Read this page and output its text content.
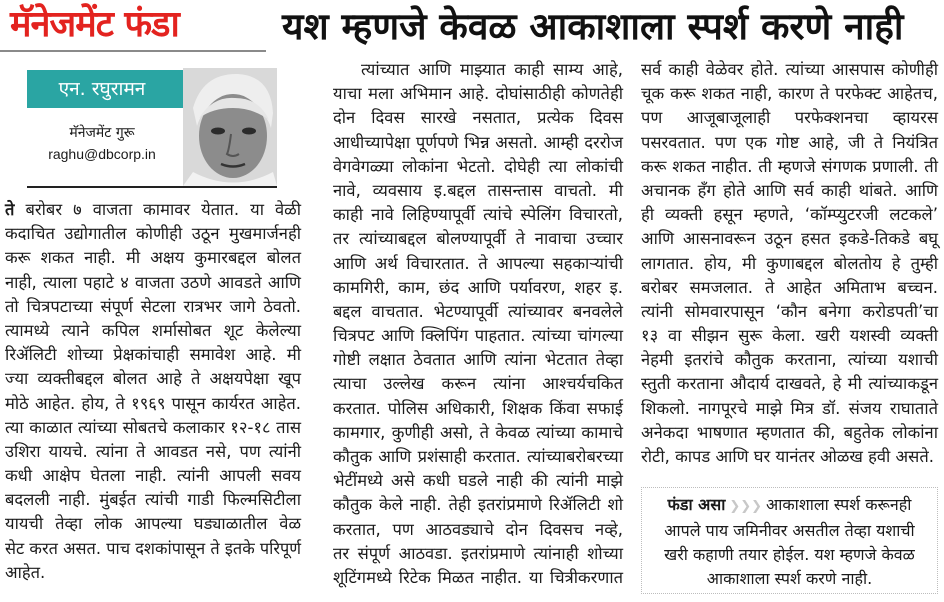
मॅनेजमेंट फंडा	यश म्हणजे केवळ आकाशाला स्पर्श करणे नाही
एन. रघुरामन
मॅनेजमेंट गुरू
raghu@dbcorp.in
ते बरोबर ७ वाजता कामावर येतात. या वेळी
कदाचित उद्योगातील कोणीही उठून मुखमार्जनही
करू शकत नाही. मी अक्षय कुमारबद्दल बोलत
नाही, त्याला पहाटे ४ वाजता उठणे आवडते आणि
तो चित्रपटाच्या संपूर्ण सेटला रात्रभर जागे ठेवतो.
त्यामध्ये त्याने कपिल शर्मासोबत शूट केलेल्या
रिॲलिटी शोच्या प्रेक्षकांचाही समावेश आहे. मी
ज्या व्यक्तीबद्दल बोलत आहे ते अक्षयपेक्षा खूप
मोठे आहेत. होय, ते १९६९ पासून कार्यरत आहेत.
त्या काळात त्यांच्या सोबतचे कलाकार १२-१८ तास
उशिरा यायचे. त्यांना ते आवडत नसे, पण त्यांनी
कधी आक्षेप घेतला नाही. त्यांनी आपली सवय
बदलली नाही. मुंबईत त्यांची गाडी फिल्मसिटीला
यायची तेव्हा लोक आपल्या घड्याळातील वेळ
सेट करत असत. पाच दशकांपासून ते इतके परिपूर्ण
आहेत.
त्यांच्यात आणि माझ्यात काही साम्य आहे,
याचा मला अभिमान आहे. दोघांसाठीही कोणतेही
दोन दिवस सारखे नसतात, प्रत्येक दिवस
आधीच्यापेक्षा पूर्णपणे भिन्न असतो. आम्ही दररोज
वेगवेगळ्या लोकांना भेटतो. दोघेही त्या लोकांची
नावे, व्यवसाय इ.बद्दल तासन्तास वाचतो. मी
काही नावे लिहिण्यापूर्वी त्यांचे स्पेलिंग विचारतो,
तर त्यांच्याबद्दल बोलण्यापूर्वी ते नावाचा उच्चार
आणि अर्थ विचारतात. ते आपल्या सहकाऱ्यांची
कामगिरी, काम, छंद आणि पर्यावरण, शहर इ.
बद्दल वाचतात. भेटण्यापूर्वी त्यांच्यावर बनवलेले
चित्रपट आणि क्लिपिंग पाहतात. त्यांच्या चांगल्या
गोष्टी लक्षात ठेवतात आणि त्यांना भेटतात तेव्हा
त्याचा उल्लेख करून त्यांना आश्चर्यचकित
करतात. पोलिस अधिकारी, शिक्षक किंवा सफाई
कामगार, कुणीही असो, ते केवळ त्यांच्या कामाचे
कौतुक आणि प्रशंसाही करतात. त्यांच्याबरोबरच्या
भेटींमध्ये असे कधी घडले नाही की त्यांनी माझे
कौतुक केले नाही. तेही इतरांप्रमाणे रिॲलिटी शो
करतात, पण आठवड्याचे दोन दिवसच नव्हे,
तर संपूर्ण आठवडा. इतरांप्रमाणे त्यांनाही शोच्या
शूटिंगमध्ये रिटेक मिळत नाहीत. या चित्रीकरणात
सर्व काही वेळेवर होते. त्यांच्या आसपास कोणीही
चूक करू शकत नाही, कारण ते परफेक्ट आहेतच,
पण आजूबाजूलाही परफेक्शनचा व्हायरस
पसरवतात. पण एक गोष्ट आहे, जी ते नियंत्रित
करू शकत नाहीत. ती म्हणजे संगणक प्रणाली. ती
अचानक हँग होते आणि सर्व काही थांबते. आणि
ही व्यक्ती हसून म्हणते, ‘कॉम्प्युटरजी लटकले’
आणि आसनावरून उठून हसत इकडे-तिकडे बघू
लागतात. होय, मी कुणाबद्दल बोलतोय हे तुम्ही
बरोबर समजलात. ते आहेत अमिताभ बच्चन.
त्यांनी सोमवारपासून ‘कौन बनेगा करोडपती’चा
१३ वा सीझन सुरू केला. खरी यशस्वी व्यक्ती
नेहमी इतरांचे कौतुक करताना, त्यांच्या यशाची
स्तुती करताना औदार्य दाखवते, हे मी त्यांच्याकडून
शिकलो. नागपूरचे माझे मित्र डॉ. संजय राघाताते
अनेकदा भाषणात म्हणतात की, बहुतेक लोकांना
रोटी, कापड आणि घर यानंतर ओळख हवी असते.
फंडा असा ❯❯❯ आकाशाला स्पर्श करूनही
आपले पाय जमिनीवर असतील तेव्हा यशाची
खरी कहाणी तयार होईल. यश म्हणजे केवळ
आकाशाला स्पर्श करणे नाही.
